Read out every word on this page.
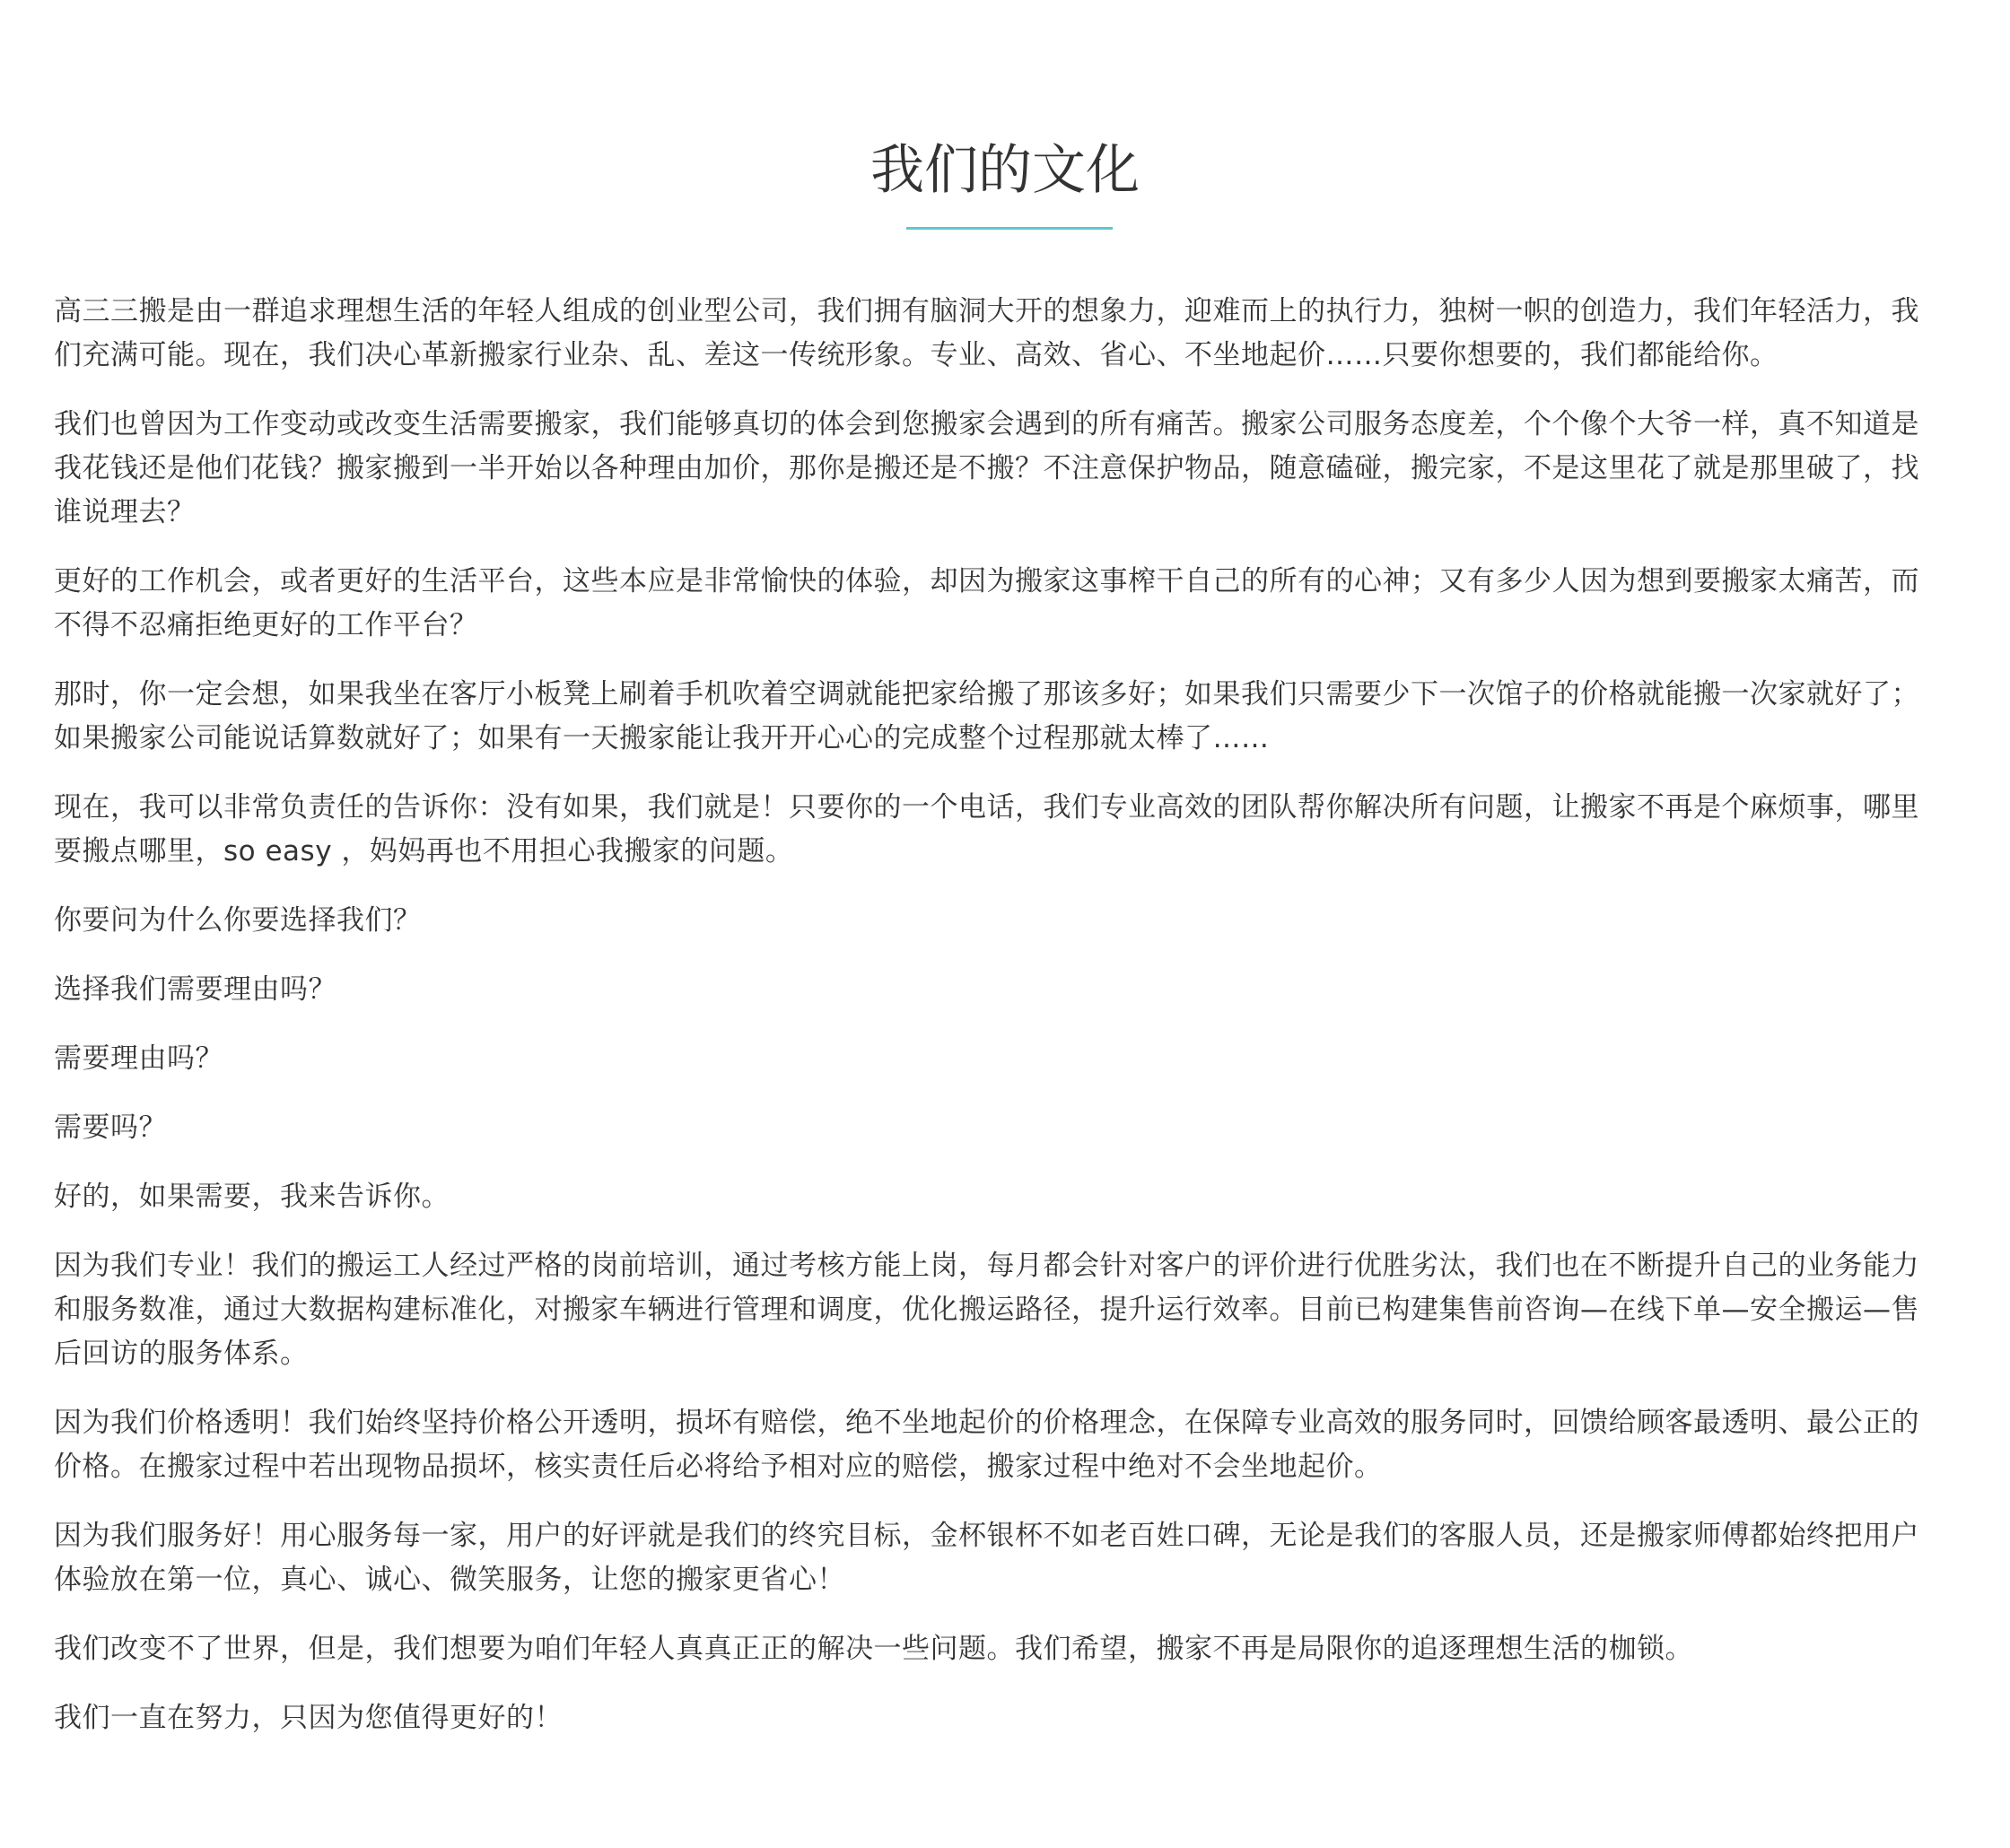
我们的文化

高三三搬是由一群追求理想生活的年轻人组成的创业型公司，我们拥有脑洞大开的想象力，迎难而上的执行力，独树一帜的创造力，我们年轻活力，我们充满可能。现在，我们决心革新搬家行业杂、乱、差这一传统形象。专业、高效、省心、不坐地起价……只要你想要的，我们都能给你。

我们也曾因为工作变动或改变生活需要搬家，我们能够真切的体会到您搬家会遇到的所有痛苦。搬家公司服务态度差，个个像个大爷一样，真不知道是我花钱还是他们花钱？搬家搬到一半开始以各种理由加价，那你是搬还是不搬？不注意保护物品，随意磕碰，搬完家，不是这里花了就是那里破了，找谁说理去？

更好的工作机会，或者更好的生活平台，这些本应是非常愉快的体验，却因为搬家这事榨干自己的所有的心神；又有多少人因为想到要搬家太痛苦，而不得不忍痛拒绝更好的工作平台？

那时，你一定会想，如果我坐在客厅小板凳上刷着手机吹着空调就能把家给搬了那该多好；如果我们只需要少下一次馆子的价格就能搬一次家就好了；如果搬家公司能说话算数就好了；如果有一天搬家能让我开开心心的完成整个过程那就太棒了……

现在，我可以非常负责任的告诉你：没有如果，我们就是！只要你的一个电话，我们专业高效的团队帮你解决所有问题，让搬家不再是个麻烦事，哪里要搬点哪里，so easy ，妈妈再也不用担心我搬家的问题。

你要问为什么你要选择我们？

选择我们需要理由吗？

需要理由吗？

需要吗？

好的，如果需要，我来告诉你。

因为我们专业！我们的搬运工人经过严格的岗前培训，通过考核方能上岗，每月都会针对客户的评价进行优胜劣汰，我们也在不断提升自己的业务能力和服务数准，通过大数据构建标准化，对搬家车辆进行管理和调度，优化搬运路径，提升运行效率。目前已构建集售前咨询—在线下单—安全搬运—售后回访的服务体系。

因为我们价格透明！我们始终坚持价格公开透明，损坏有赔偿，绝不坐地起价的价格理念，在保障专业高效的服务同时，回馈给顾客最透明、最公正的价格。在搬家过程中若出现物品损坏，核实责任后必将给予相对应的赔偿，搬家过程中绝对不会坐地起价。

因为我们服务好！用心服务每一家，用户的好评就是我们的终究目标，金杯银杯不如老百姓口碑，无论是我们的客服人员，还是搬家师傅都始终把用户体验放在第一位，真心、诚心、微笑服务，让您的搬家更省心！

我们改变不了世界，但是，我们想要为咱们年轻人真真正正的解决一些问题。我们希望，搬家不再是局限你的追逐理想生活的枷锁。

我们一直在努力，只因为您值得更好的！
